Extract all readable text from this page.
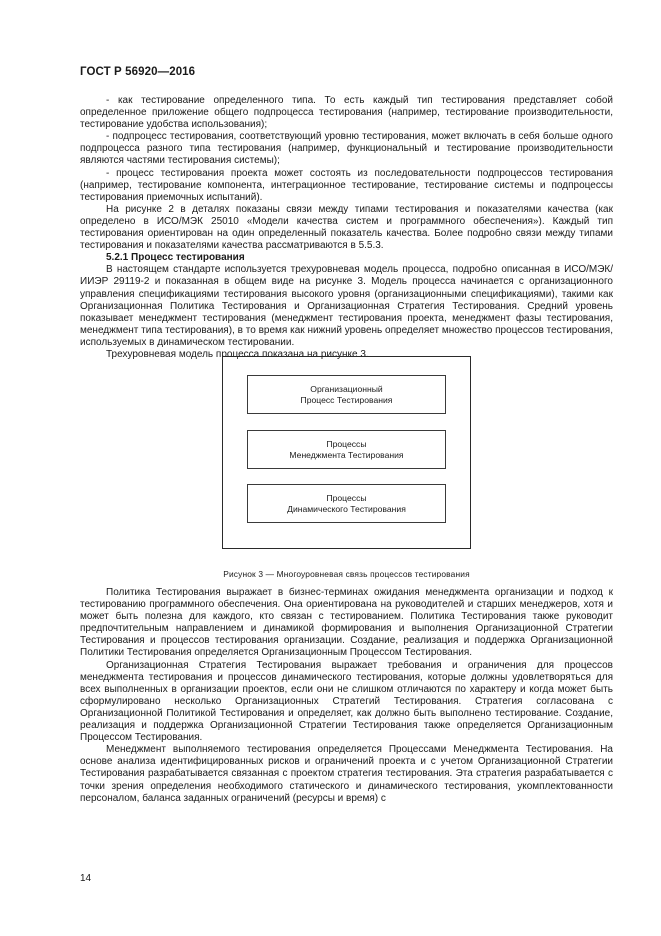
ГОСТ Р 56920—2016

- как тестирование определенного типа. То есть каждый тип тестирования представляет собой определенное приложение общего подпроцесса тестирования (например, тестирование производительности, тестирование удобства использования);

- подпроцесс тестирования, соответствующий уровню тестирования, может включать в себя больше одного подпроцесса разного типа тестирования (например, функциональный и тестирование производительности являются частями тестирования системы);

- процесс тестирования проекта может состоять из последовательности подпроцессов тестирования (например, тестирование компонента, интеграционное тестирование, тестирование системы и подпроцессы тестирования приемочных испытаний).

На рисунке 2 в деталях показаны связи между типами тестирования и показателями качества (как определено в ИСО/МЭК 25010 «Модели качества систем и программного обеспечения»). Каждый тип тестирования ориентирован на один определенный показатель качества. Более подробно связи между типами тестирования и показателями качества рассматриваются в 5.5.3.

5.2.1 Процесс тестирования

В настоящем стандарте используется трехуровневая модель процесса, подробно описанная в ИСО/МЭК/ИИЭР 29119-2 и показанная в общем виде на рисунке 3. Модель процесса начинается с организационного управления спецификациями тестирования высокого уровня (организационными спецификациями), такими как Организационная Политика Тестирования и Организационная Стратегия Тестирования. Средний уровень показывает менеджмент тестирования (менеджмент тестирования проекта, менеджмент фазы тестирования, менеджмент типа тестирования), в то время как нижний уровень определяет множество процессов тестирования, используемых в динамическом тестировании.

Трехуровневая модель процесса показана на рисунке 3.

Организационный
Процесс Тестирования
Процессы
Менеджмента Тестирования
Процессы
Динамического Тестирования
Рисунок 3 — Многоуровневая связь процессов тестирования

Политика Тестирования выражает в бизнес-терминах ожидания менеджмента организации и подход к тестированию программного обеспечения. Она ориентирована на руководителей и старших менеджеров, хотя и может быть полезна для каждого, кто связан с тестированием. Политика Тестирования также руководит предпочтительным направлением и динамикой формирования и выполнения Организационной Стратегии Тестирования и процессов тестирования организации. Создание, реализация и поддержка Организационной Политики Тестирования определяется Организационным Процессом Тестирования.

Организационная Стратегия Тестирования выражает требования и ограничения для процессов менеджмента тестирования и процессов динамического тестирования, которые должны удовлетворяться для всех выполненных в организации проектов, если они не слишком отличаются по характеру и когда может быть сформулировано несколько Организационных Стратегий Тестирования. Стратегия согласована с Организационной Политикой Тестирования и определяет, как должно быть выполнено тестирование. Создание, реализация и поддержка Организационной Стратегии Тестирования также определяется Организационным Процессом Тестирования.

Менеджмент выполняемого тестирования определяется Процессами Менеджмента Тестирования. На основе анализа идентифицированных рисков и ограничений проекта и с учетом Организационной Стратегии Тестирования разрабатывается связанная с проектом стратегия тестирования. Эта стратегия разрабатывается с точки зрения определения необходимого статического и динамического тестирования, укомплектованности персоналом, баланса заданных ограничений (ресурсы и время) с

14
